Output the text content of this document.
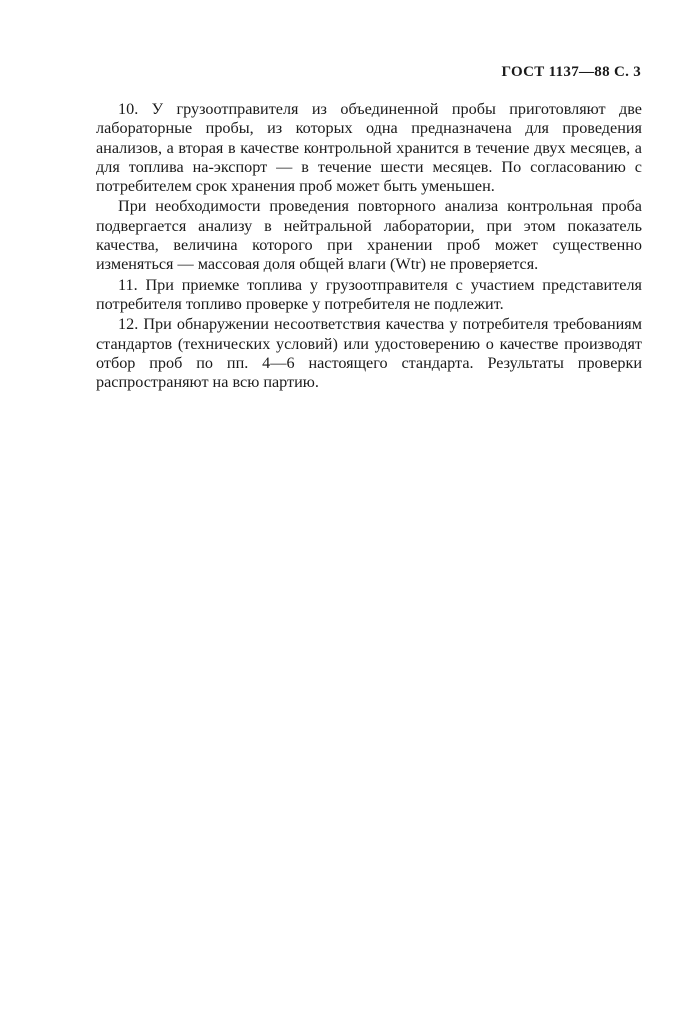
ГОСТ 1137—88 С. 3

10. У грузоотправителя из объединенной пробы приготовляют две лабораторные пробы, из которых одна предназначена для проведения анализов, а вторая в качестве контрольной хранится в течение двух месяцев, а для топлива на-экспорт — в течение шести месяцев. По согласованию с потребителем срок хранения проб может быть уменьшен.

При необходимости проведения повторного анализа контрольная проба подвергается анализу в нейтральной лаборатории, при этом показатель качества, величина которого при хранении проб может существенно изменяться — массовая доля общей влаги (Wtr) не проверяется.

11. При приемке топлива у грузоотправителя с участием представителя потребителя топливо проверке у потребителя не подлежит.

12. При обнаружении несоответствия качества у потребителя требованиям стандартов (технических условий) или удостоверению о качестве производят отбор проб по пп. 4—6 настоящего стандарта. Результаты проверки распространяют на всю партию.
